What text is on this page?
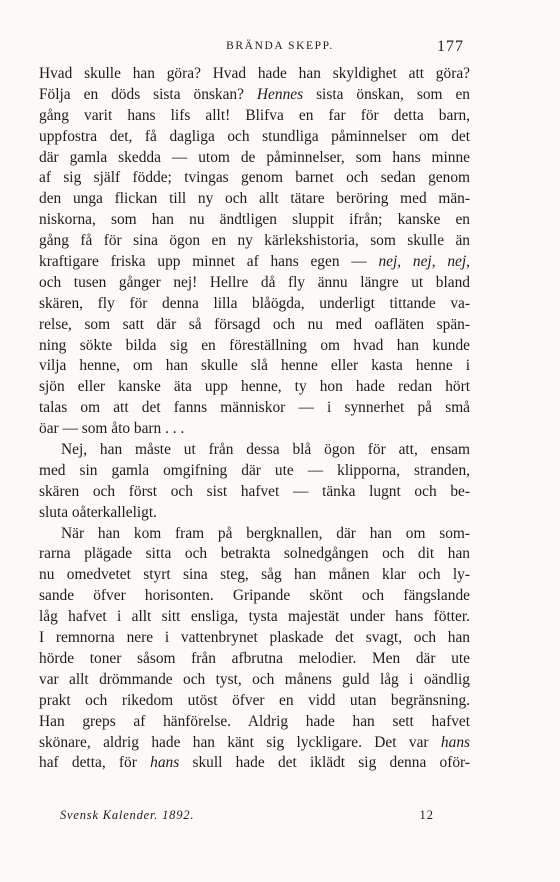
BRÄNDA SKEPP.	177
Hvad skulle han göra? Hvad hade han skyldighet att göra?
Följa en döds sista önskan? Hennes sista önskan, som en
gång varit hans lifs allt! Blifva en far för detta barn,
uppfostra det, få dagliga och stundliga påminnelser om det
där gamla skedda — utom de påminnelser, som hans minne
af sig själf födde; tvingas genom barnet och sedan genom
den unga flickan till ny och allt tätare beröring med män-
niskorna, som han nu ändtligen sluppit ifrån; kanske en
gång få för sina ögon en ny kärlekshistoria, som skulle än
kraftigare friska upp minnet af hans egen — nej, nej, nej,
och tusen gånger nej! Hellre då fly ännu längre ut bland
skären, fly för denna lilla blåögda, underligt tittande va-
relse, som satt där så försagd och nu med oafläten spän-
ning sökte bilda sig en föreställning om hvad han kunde
vilja henne, om han skulle slå henne eller kasta henne i
sjön eller kanske äta upp henne, ty hon hade redan hört
talas om att det fanns människor — i synnerhet på små
öar — som åto barn . . .
Nej, han måste ut från dessa blå ögon för att, ensam
med sin gamla omgifning där ute — klipporna, stranden,
skären och först och sist hafvet — tänka lugnt och be-
sluta oåterkalleligt.
När han kom fram på bergknallen, där han om som-
rarna plägade sitta och betrakta solnedgången och dit han
nu omedvetet styrt sina steg, såg han månen klar och ly-
sande öfver horisonten. Gripande skönt och fängslande
låg hafvet i allt sitt ensliga, tysta majestät under hans fötter.
I remnorna nere i vattenbrynet plaskade det svagt, och han
hörde toner såsom från afbrutna melodier. Men där ute
var allt drömmande och tyst, och månens guld låg i oändlig
prakt och rikedom utöst öfver en vidd utan begränsning.
Han greps af hänförelse. Aldrig hade han sett hafvet
skönare, aldrig hade han känt sig lyckligare. Det var hans
haf detta, för hans skull hade det iklädt sig denna oför-
Svensk Kalender. 1892.	12
